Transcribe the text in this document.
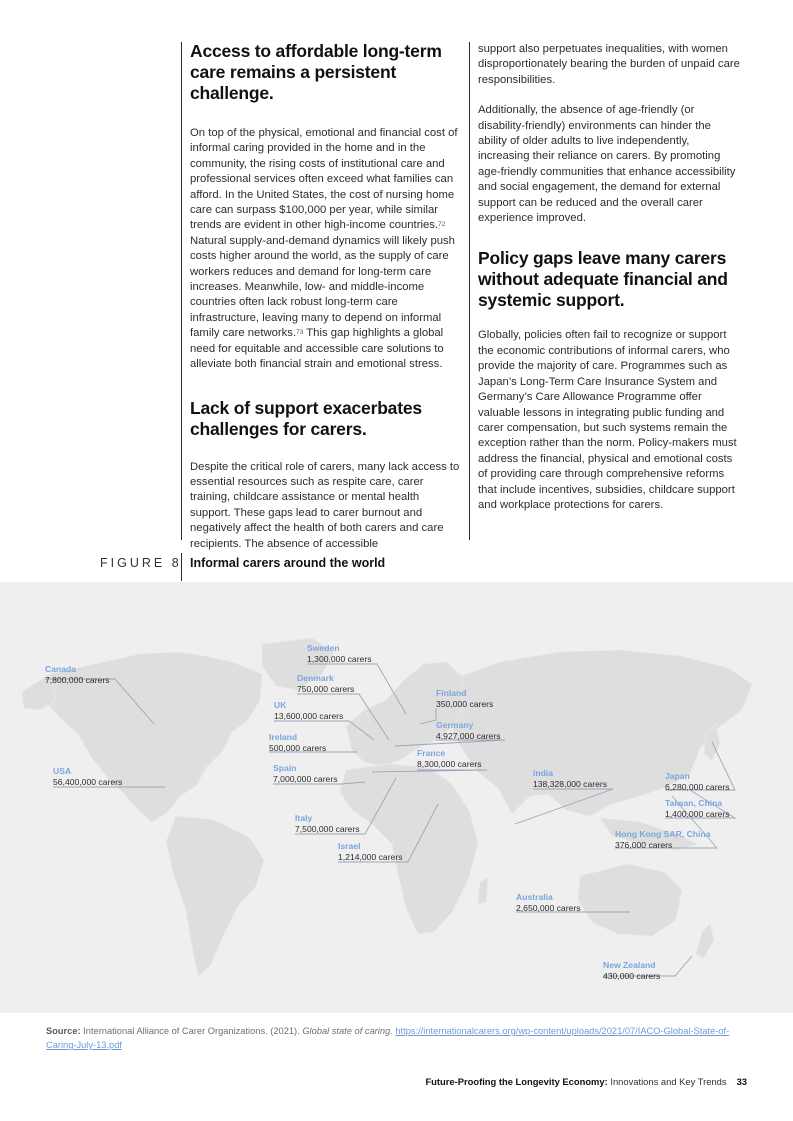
Access to affordable long-term care remains a persistent challenge.

On top of the physical, emotional and financial cost of informal caring provided in the home and in the community, the rising costs of institutional care and professional services often exceed what families can afford. In the United States, the cost of nursing home care can surpass $100,000 per year, while similar trends are evident in other high-income countries.$^{72}$ Natural supply-and-demand dynamics will likely push costs higher around the world, as the supply of care workers reduces and demand for long-term care increases. Meanwhile, low- and middle-income countries often lack robust long-term care infrastructure, leaving many to depend on informal family care networks.$^{73}$ This gap highlights a global need for equitable and accessible care solutions to alleviate both financial strain and emotional stress.

Lack of support exacerbates challenges for carers.

Despite the critical role of carers, many lack access to essential resources such as respite care, carer training, childcare assistance or mental health support. These gaps lead to carer burnout and negatively affect the health of both carers and care recipients. The absence of accessible

support also perpetuates inequalities, with women disproportionately bearing the burden of unpaid care responsibilities.

Additionally, the absence of age-friendly (or disability-friendly) environments can hinder the ability of older adults to live independently, increasing their reliance on carers. By promoting age-friendly communities that enhance accessibility and social engagement, the demand for external support can be reduced and the overall carer experience improved.

Policy gaps leave many carers without adequate financial and systemic support.

Globally, policies often fail to recognize or support the economic contributions of informal carers, who provide the majority of care. Programmes such as Japan’s Long-Term Care Insurance System and Germany’s Care Allowance Programme offer valuable lessons in integrating public funding and carer compensation, but such systems remain the exception rather than the norm. Policy-makers must address the financial, physical and emotional costs of providing care through comprehensive reforms that include incentives, subsidies, childcare support and workplace protections for carers.

FIGURE 8 Informal carers around the world
Canada
7,800,000 carers
USA
56,400,000 carers
Sweden
1,300,000 carers
Denmark
750,000 carers
UK
13,600,000 carers
Ireland
500,000 carers
Spain
7,000,000 carers
Italy
7,500,000 carers
Israel
1,214,000 carers
Finland
350,000 carers
Germany
4,927,000 carers
France
8,300,000 carers
India
138,328,000 carers
Japan
6,280,000 carers
Taiwan, China
1,400,000 carers
Hong Kong SAR, China
376,000 carers
Australia
2,650,000 carers
New Zealand
430,000 carers
Source: International Alliance of Carer Organizations. (2021). Global state of caring. https://internationalcarers.org/wp-content/uploads/2021/07/IACO-Global-State-of-Caring-July-13.pdf
Future-Proofing the Longevity Economy: Innovations and Key Trends 33
